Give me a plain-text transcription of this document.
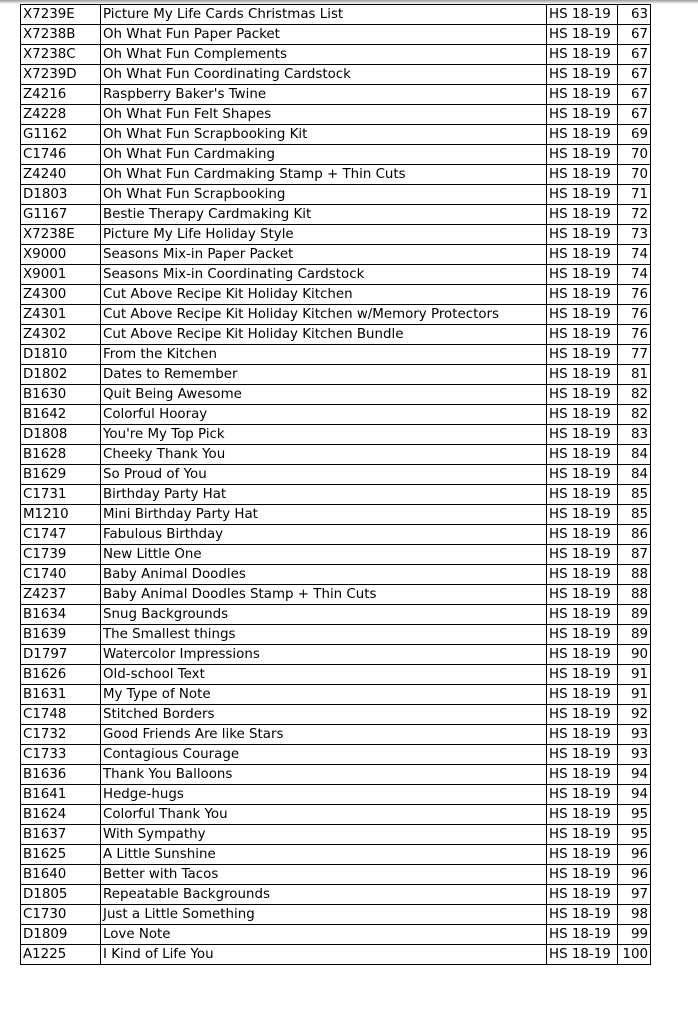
X7239E	Picture My Life Cards Christmas List	HS 18-19	63
X7238B	Oh What Fun Paper Packet	HS 18-19	67
X7238C	Oh What Fun Complements	HS 18-19	67
X7239D	Oh What Fun Coordinating Cardstock	HS 18-19	67
Z4216	Raspberry Baker's Twine	HS 18-19	67
Z4228	Oh What Fun Felt Shapes	HS 18-19	67
G1162	Oh What Fun Scrapbooking Kit	HS 18-19	69
C1746	Oh What Fun Cardmaking	HS 18-19	70
Z4240	Oh What Fun Cardmaking Stamp + Thin Cuts	HS 18-19	70
D1803	Oh What Fun Scrapbooking	HS 18-19	71
G1167	Bestie Therapy Cardmaking Kit	HS 18-19	72
X7238E	Picture My Life Holiday Style	HS 18-19	73
X9000	Seasons Mix-in Paper Packet	HS 18-19	74
X9001	Seasons Mix-in Coordinating Cardstock	HS 18-19	74
Z4300	Cut Above Recipe Kit Holiday Kitchen	HS 18-19	76
Z4301	Cut Above Recipe Kit Holiday Kitchen w/Memory Protectors	HS 18-19	76
Z4302	Cut Above Recipe Kit Holiday Kitchen Bundle	HS 18-19	76
D1810	From the Kitchen	HS 18-19	77
D1802	Dates to Remember	HS 18-19	81
B1630	Quit Being Awesome	HS 18-19	82
B1642	Colorful Hooray	HS 18-19	82
D1808	You're My Top Pick	HS 18-19	83
B1628	Cheeky Thank You	HS 18-19	84
B1629	So Proud of You	HS 18-19	84
C1731	Birthday Party Hat	HS 18-19	85
M1210	Mini Birthday Party Hat	HS 18-19	85
C1747	Fabulous Birthday	HS 18-19	86
C1739	New Little One	HS 18-19	87
C1740	Baby Animal Doodles	HS 18-19	88
Z4237	Baby Animal Doodles Stamp + Thin Cuts	HS 18-19	88
B1634	Snug Backgrounds	HS 18-19	89
B1639	The Smallest things	HS 18-19	89
D1797	Watercolor Impressions	HS 18-19	90
B1626	Old-school Text	HS 18-19	91
B1631	My Type of Note	HS 18-19	91
C1748	Stitched Borders	HS 18-19	92
C1732	Good Friends Are like Stars	HS 18-19	93
C1733	Contagious Courage	HS 18-19	93
B1636	Thank You Balloons	HS 18-19	94
B1641	Hedge-hugs	HS 18-19	94
B1624	Colorful Thank You	HS 18-19	95
B1637	With Sympathy	HS 18-19	95
B1625	A Little Sunshine	HS 18-19	96
B1640	Better with Tacos	HS 18-19	96
D1805	Repeatable Backgrounds	HS 18-19	97
C1730	Just a Little Something	HS 18-19	98
D1809	Love Note	HS 18-19	99
A1225	I Kind of Life You	HS 18-19	100
